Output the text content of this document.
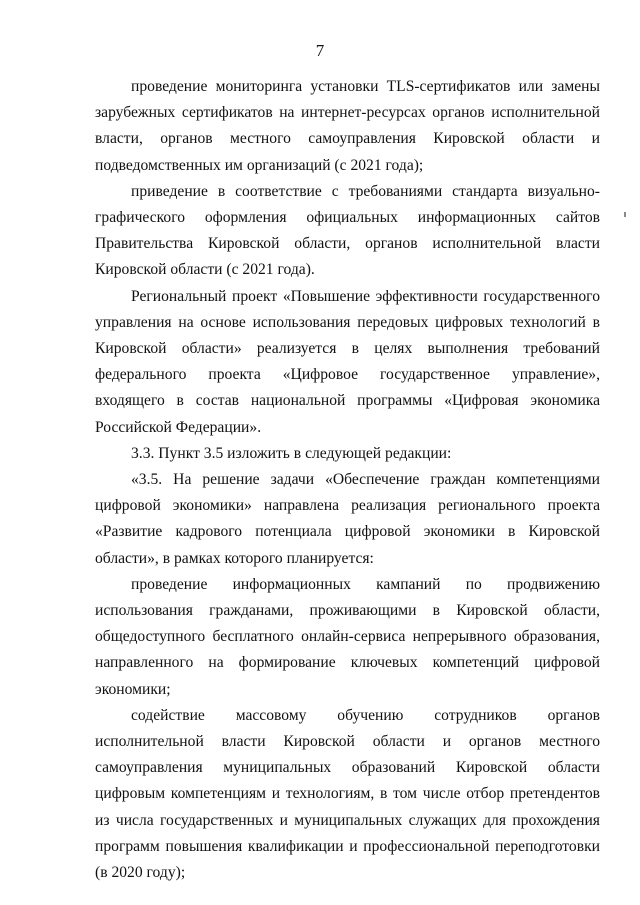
7

проведение мониторинга установки TLS-сертификатов или замены зарубежных сертификатов на интернет-ресурсах органов исполнительной власти, органов местного самоуправления Кировской области и подведомственных им организаций (с 2021 года);

приведение в соответствие с требованиями стандарта визуально-графического оформления официальных информационных сайтов Правительства Кировской области, органов исполнительной власти Кировской области (с 2021 года).

Региональный проект «Повышение эффективности государственного управления на основе использования передовых цифровых технологий в Кировской области» реализуется в целях выполнения требований федерального проекта «Цифровое государственное управление», входящего в состав национальной программы «Цифровая экономика Российской Федерации».

3.3. Пункт 3.5 изложить в следующей редакции:

«3.5. На решение задачи «Обеспечение граждан компетенциями цифровой экономики» направлена реализация регионального проекта «Развитие кадрового потенциала цифровой экономики в Кировской области», в рамках которого планируется:

проведение информационных кампаний по продвижению использования гражданами, проживающими в Кировской области, общедоступного бесплатного онлайн-сервиса непрерывного образования, направленного на формирование ключевых компетенций цифровой экономики;

содействие массовому обучению сотрудников органов исполнительной власти Кировской области и органов местного самоуправления муниципальных образований Кировской области цифровым компетенциям и технологиям, в том числе отбор претендентов из числа государственных и муниципальных служащих для прохождения программ повышения квалификации и профессиональной переподготовки (в 2020 году);
